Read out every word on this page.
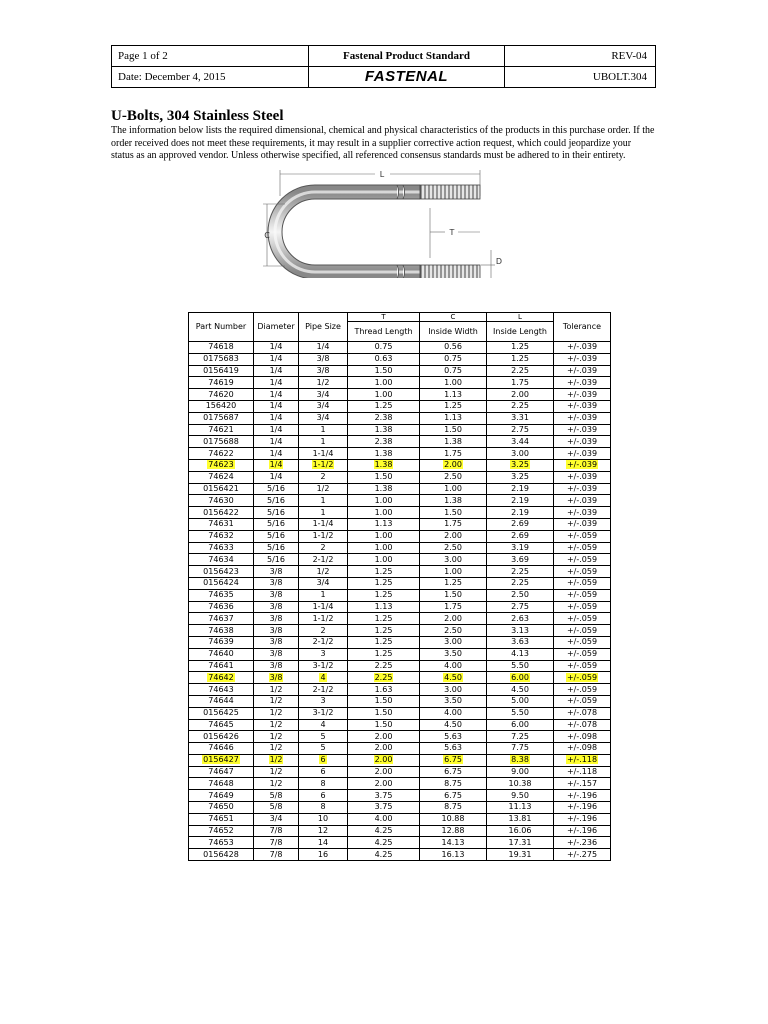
Page 1 of 2	Fastenal Product Standard	REV-04
Date: December 4, 2015	FASTENAL	UBOLT.304
U-Bolts, 304 Stainless Steel

The information below lists the required dimensional, chemical and physical characteristics of the products in this purchase order. If the order received does not meet these requirements, it may result in a supplier corrective action request, which could jeopardize your status as an approved vendor. Unless otherwise specified, all referenced consensus standards must be adhered to in their entirety.

L
C	T
D
Part Number	Diameter	Pipe Size	T	C	L	Tolerance
			Thread Length	Inside Width	Inside Length	
74618	1/4	1/4	0.75	0.56	1.25	+/-.039
0175683	1/4	3/8	0.63	0.75	1.25	+/-.039
0156419	1/4	3/8	1.50	0.75	2.25	+/-.039
74619	1/4	1/2	1.00	1.00	1.75	+/-.039
74620	1/4	3/4	1.00	1.13	2.00	+/-.039
156420	1/4	3/4	1.25	1.25	2.25	+/-.039
0175687	1/4	3/4	2.38	1.13	3.31	+/-.039
74621	1/4	1	1.38	1.50	2.75	+/-.039
0175688	1/4	1	2.38	1.38	3.44	+/-.039
74622	1/4	1-1/4	1.38	1.75	3.00	+/-.039
74623	1/4	1-1/2	1.38	2.00	3.25	+/-.039
74624	1/4	2	1.50	2.50	3.25	+/-.039
0156421	5/16	1/2	1.38	1.00	2.19	+/-.039
74630	5/16	1	1.00	1.38	2.19	+/-.039
0156422	5/16	1	1.00	1.50	2.19	+/-.039
74631	5/16	1-1/4	1.13	1.75	2.69	+/-.039
74632	5/16	1-1/2	1.00	2.00	2.69	+/-.059
74633	5/16	2	1.00	2.50	3.19	+/-.059
74634	5/16	2-1/2	1.00	3.00	3.69	+/-.059
0156423	3/8	1/2	1.25	1.00	2.25	+/-.059
0156424	3/8	3/4	1.25	1.25	2.25	+/-.059
74635	3/8	1	1.25	1.50	2.50	+/-.059
74636	3/8	1-1/4	1.13	1.75	2.75	+/-.059
74637	3/8	1-1/2	1.25	2.00	2.63	+/-.059
74638	3/8	2	1.25	2.50	3.13	+/-.059
74639	3/8	2-1/2	1.25	3.00	3.63	+/-.059
74640	3/8	3	1.25	3.50	4.13	+/-.059
74641	3/8	3-1/2	2.25	4.00	5.50	+/-.059
74642	3/8	4	2.25	4.50	6.00	+/-.059
74643	1/2	2-1/2	1.63	3.00	4.50	+/-.059
74644	1/2	3	1.50	3.50	5.00	+/-.059
0156425	1/2	3-1/2	1.50	4.00	5.50	+/-.078
74645	1/2	4	1.50	4.50	6.00	+/-.078
0156426	1/2	5	2.00	5.63	7.25	+/-.098
74646	1/2	5	2.00	5.63	7.75	+/-.098
0156427	1/2	6	2.00	6.75	8.38	+/-.118
74647	1/2	6	2.00	6.75	9.00	+/-.118
74648	1/2	8	2.00	8.75	10.38	+/-.157
74649	5/8	6	3.75	6.75	9.50	+/-.196
74650	5/8	8	3.75	8.75	11.13	+/-.196
74651	3/4	10	4.00	10.88	13.81	+/-.196
74652	7/8	12	4.25	12.88	16.06	+/-.196
74653	7/8	14	4.25	14.13	17.31	+/-.236
0156428	7/8	16	4.25	16.13	19.31	+/-.275
